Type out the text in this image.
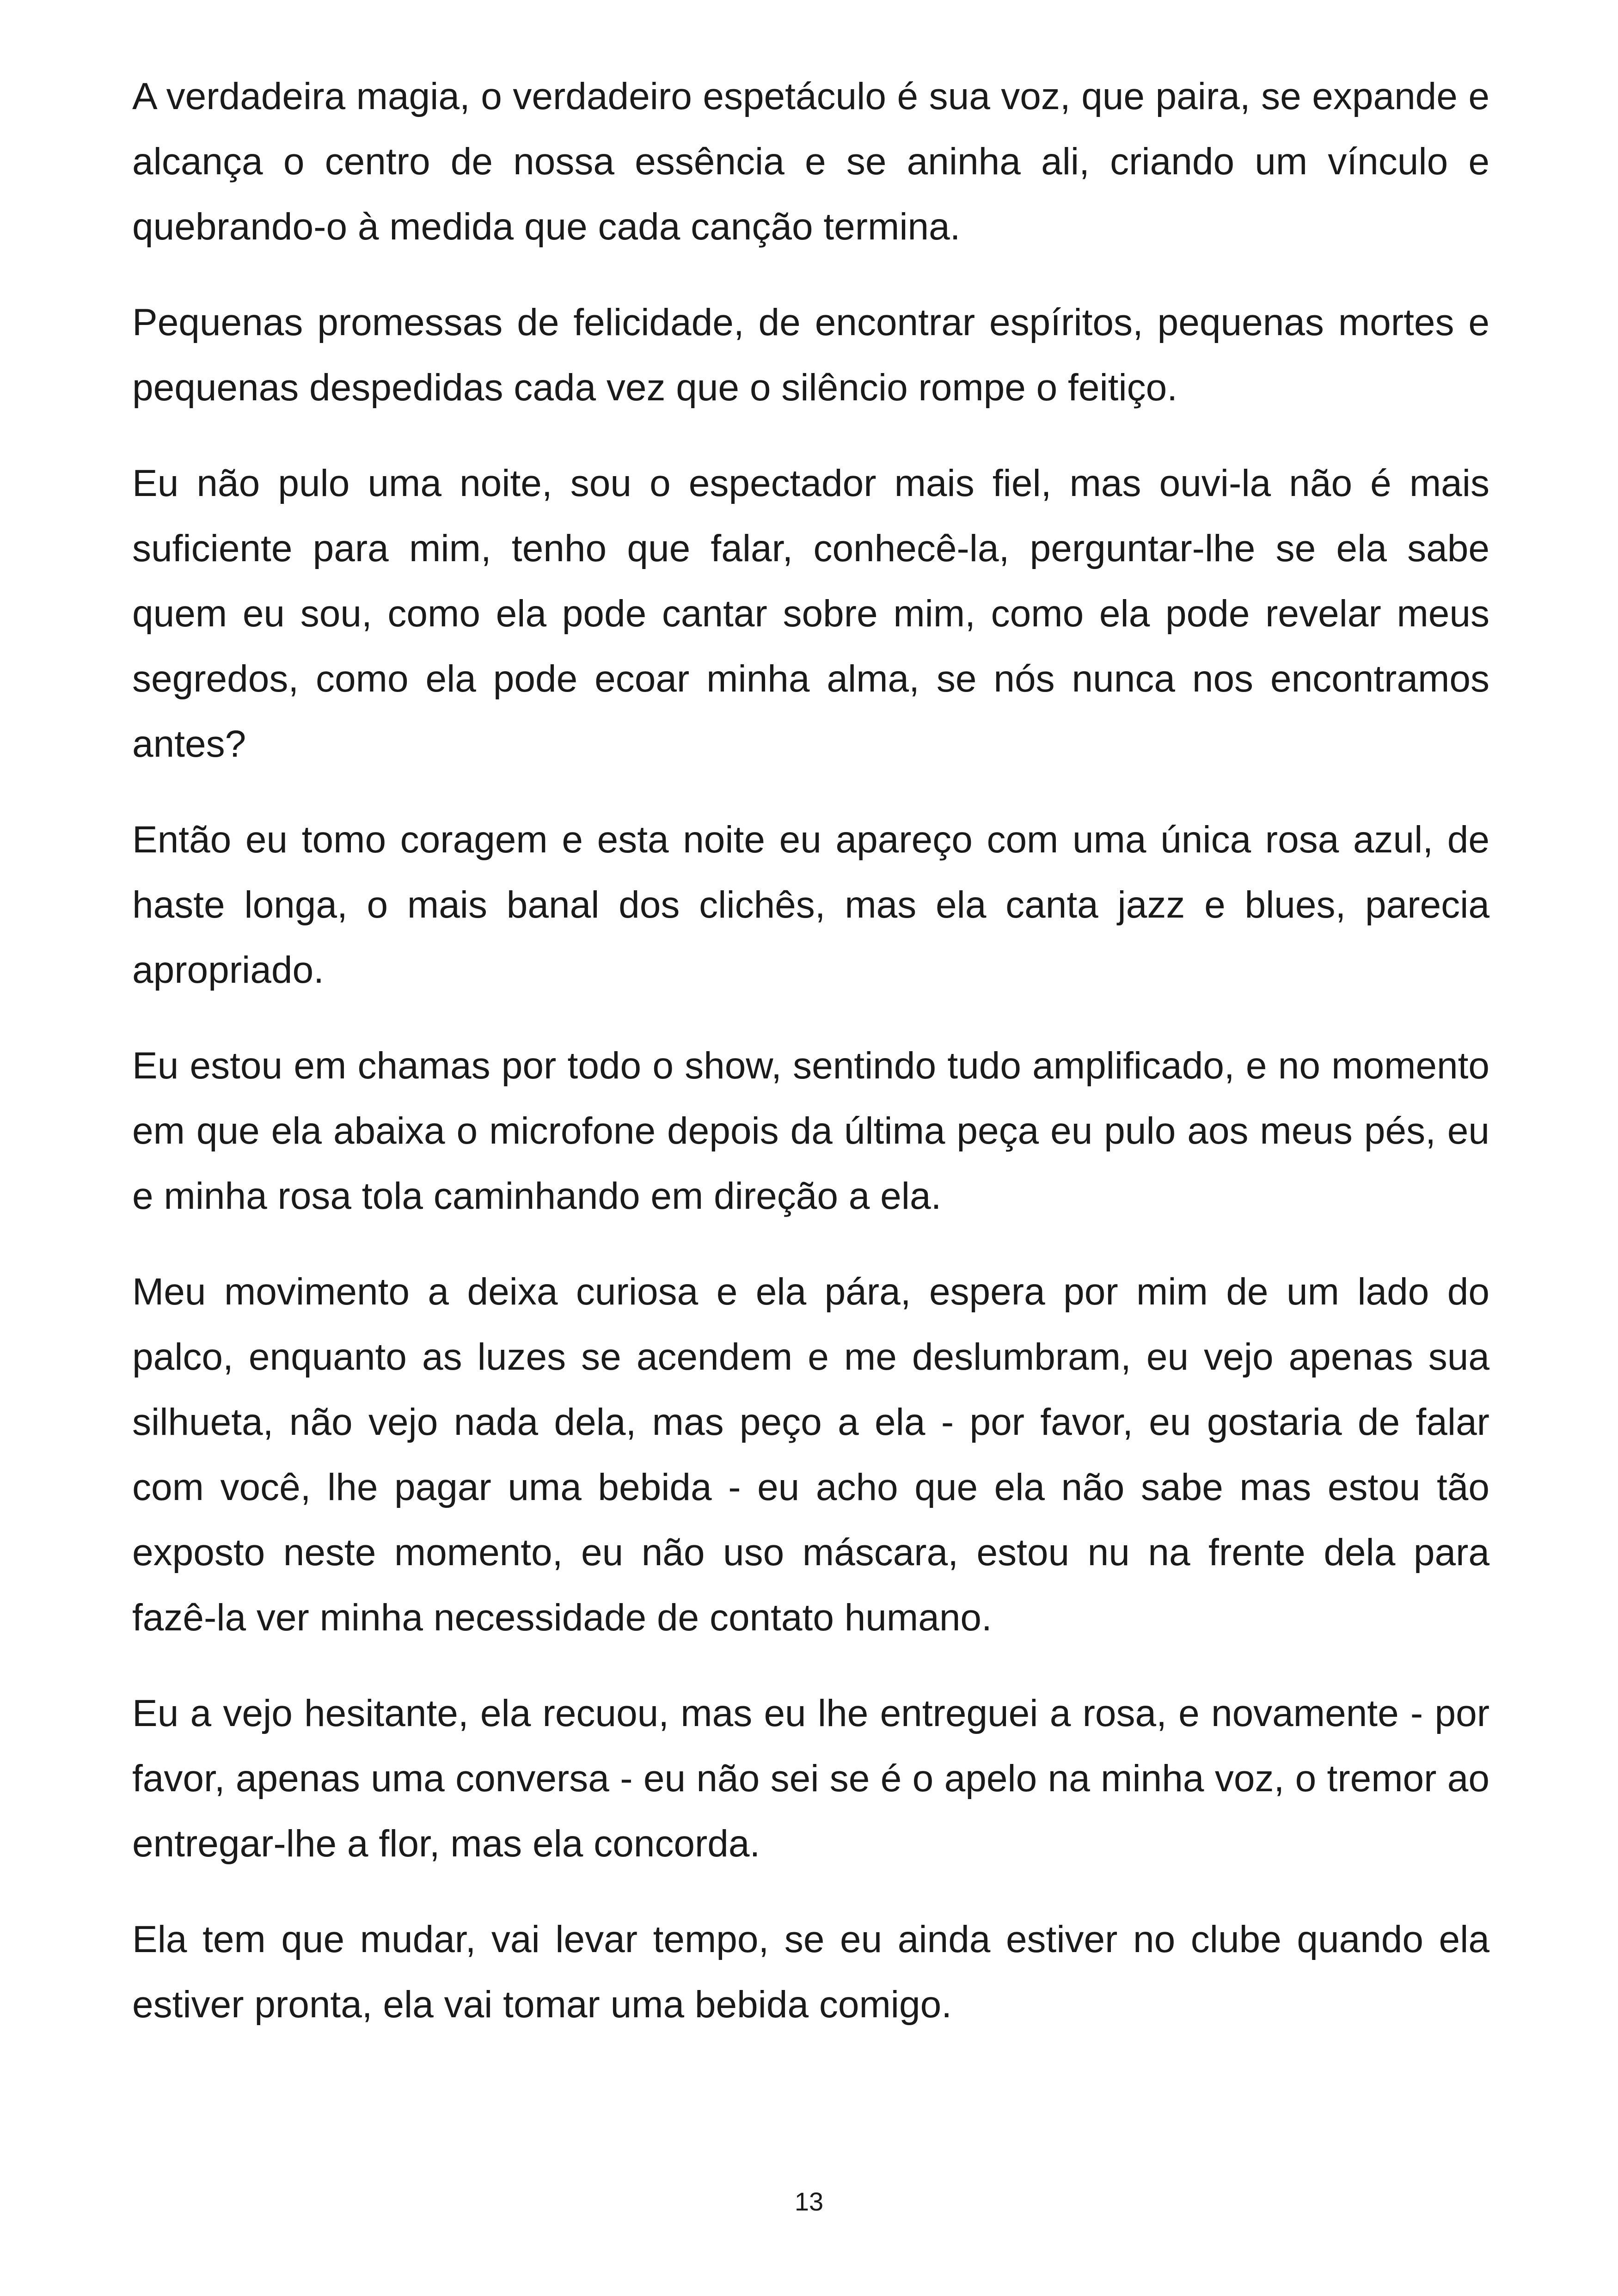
A verdadeira magia, o verdadeiro espetáculo é sua voz, que paira, se expande e alcança o centro de nossa essência e se aninha ali, criando um vínculo e quebrando-o à medida que cada canção termina.

Pequenas promessas de felicidade, de encontrar espíritos, pequenas mortes e pequenas despedidas cada vez que o silêncio rompe o feitiço.

Eu não pulo uma noite, sou o espectador mais fiel, mas ouvi-la não é mais suficiente para mim, tenho que falar, conhecê-la, perguntar-lhe se ela sabe quem eu sou, como ela pode cantar sobre mim, como ela pode revelar meus segredos, como ela pode ecoar minha alma, se nós nunca nos encontramos antes?

Então eu tomo coragem e esta noite eu apareço com uma única rosa azul, de haste longa, o mais banal dos clichês, mas ela canta jazz e blues, parecia apropriado.

Eu estou em chamas por todo o show, sentindo tudo amplificado, e no momento em que ela abaixa o microfone depois da última peça eu pulo aos meus pés, eu e minha rosa tola caminhando em direção a ela.

Meu movimento a deixa curiosa e ela pára, espera por mim de um lado do palco, enquanto as luzes se acendem e me deslumbram, eu vejo apenas sua silhueta, não vejo nada dela, mas peço a ela - por favor, eu gostaria de falar com você, lhe pagar uma bebida - eu acho que ela não sabe mas estou tão exposto neste momento, eu não uso máscara, estou nu na frente dela para fazê-la ver minha necessidade de contato humano.

Eu a vejo hesitante, ela recuou, mas eu lhe entreguei a rosa, e novamente - por favor, apenas uma conversa - eu não sei se é o apelo na minha voz, o tremor ao entregar-lhe a flor, mas ela concorda.

Ela tem que mudar, vai levar tempo, se eu ainda estiver no clube quando ela estiver pronta, ela vai tomar uma bebida comigo.

13
